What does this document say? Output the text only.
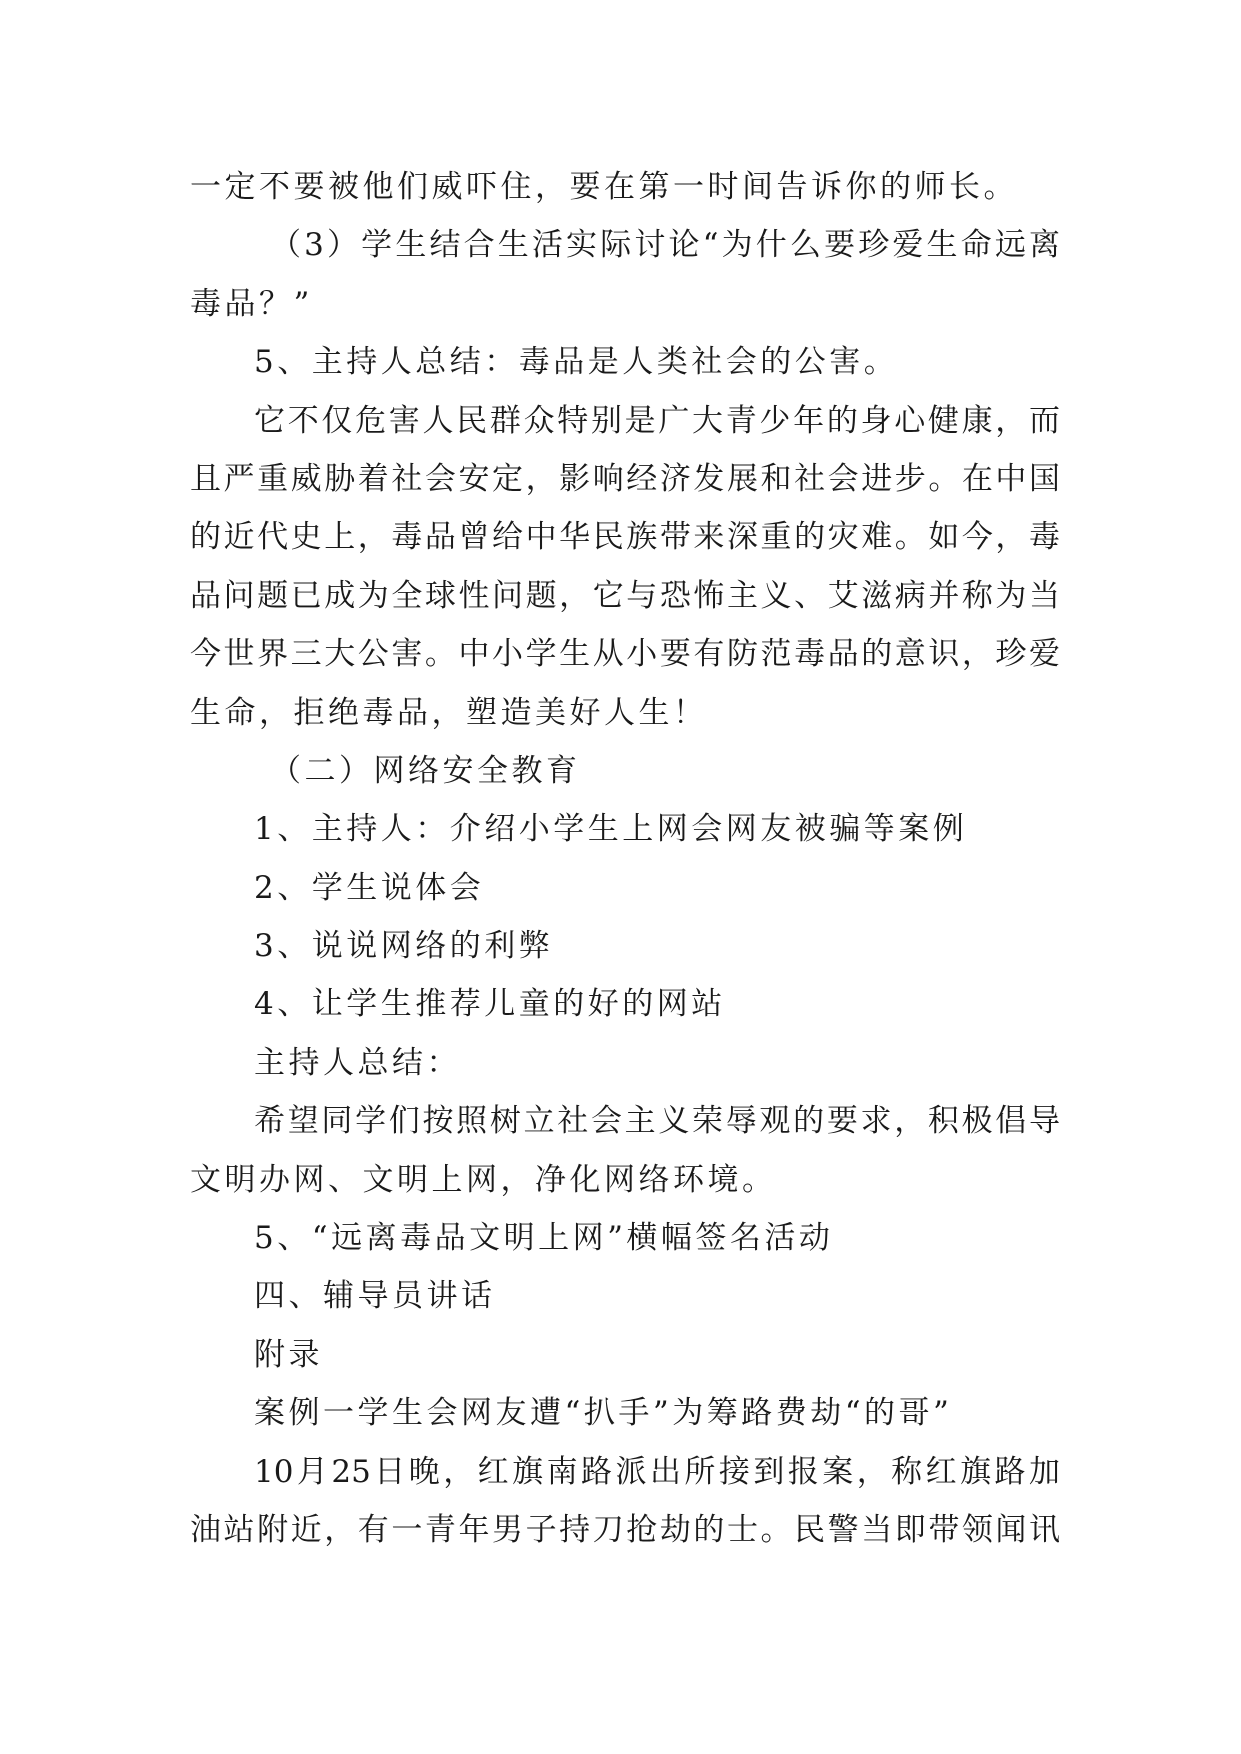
一定不要被他们威吓住，要在第一时间告诉你的师长。
（3）学生结合生活实际讨论“为什么要珍爱生命远离
毒品？”
5、主持人总结：毒品是人类社会的公害。
它不仅危害人民群众特别是广大青少年的身心健康，而
且严重威胁着社会安定，影响经济发展和社会进步。在中国
的近代史上，毒品曾给中华民族带来深重的灾难。如今，毒
品问题已成为全球性问题，它与恐怖主义、艾滋病并称为当
今世界三大公害。中小学生从小要有防范毒品的意识，珍爱
生命，拒绝毒品，塑造美好人生！
（二）网络安全教育
1、主持人：介绍小学生上网会网友被骗等案例
2、学生说体会
3、说说网络的利弊
4、让学生推荐儿童的好的网站
主持人总结：
希望同学们按照树立社会主义荣辱观的要求，积极倡导
文明办网、文明上网，净化网络环境。
5、“远离毒品文明上网”横幅签名活动
四、辅导员讲话
附录
案例一学生会网友遭“扒手”为筹路费劫“的哥”
10月25日晚，红旗南路派出所接到报案，称红旗路加
油站附近，有一青年男子持刀抢劫的士。民警当即带领闻讯
